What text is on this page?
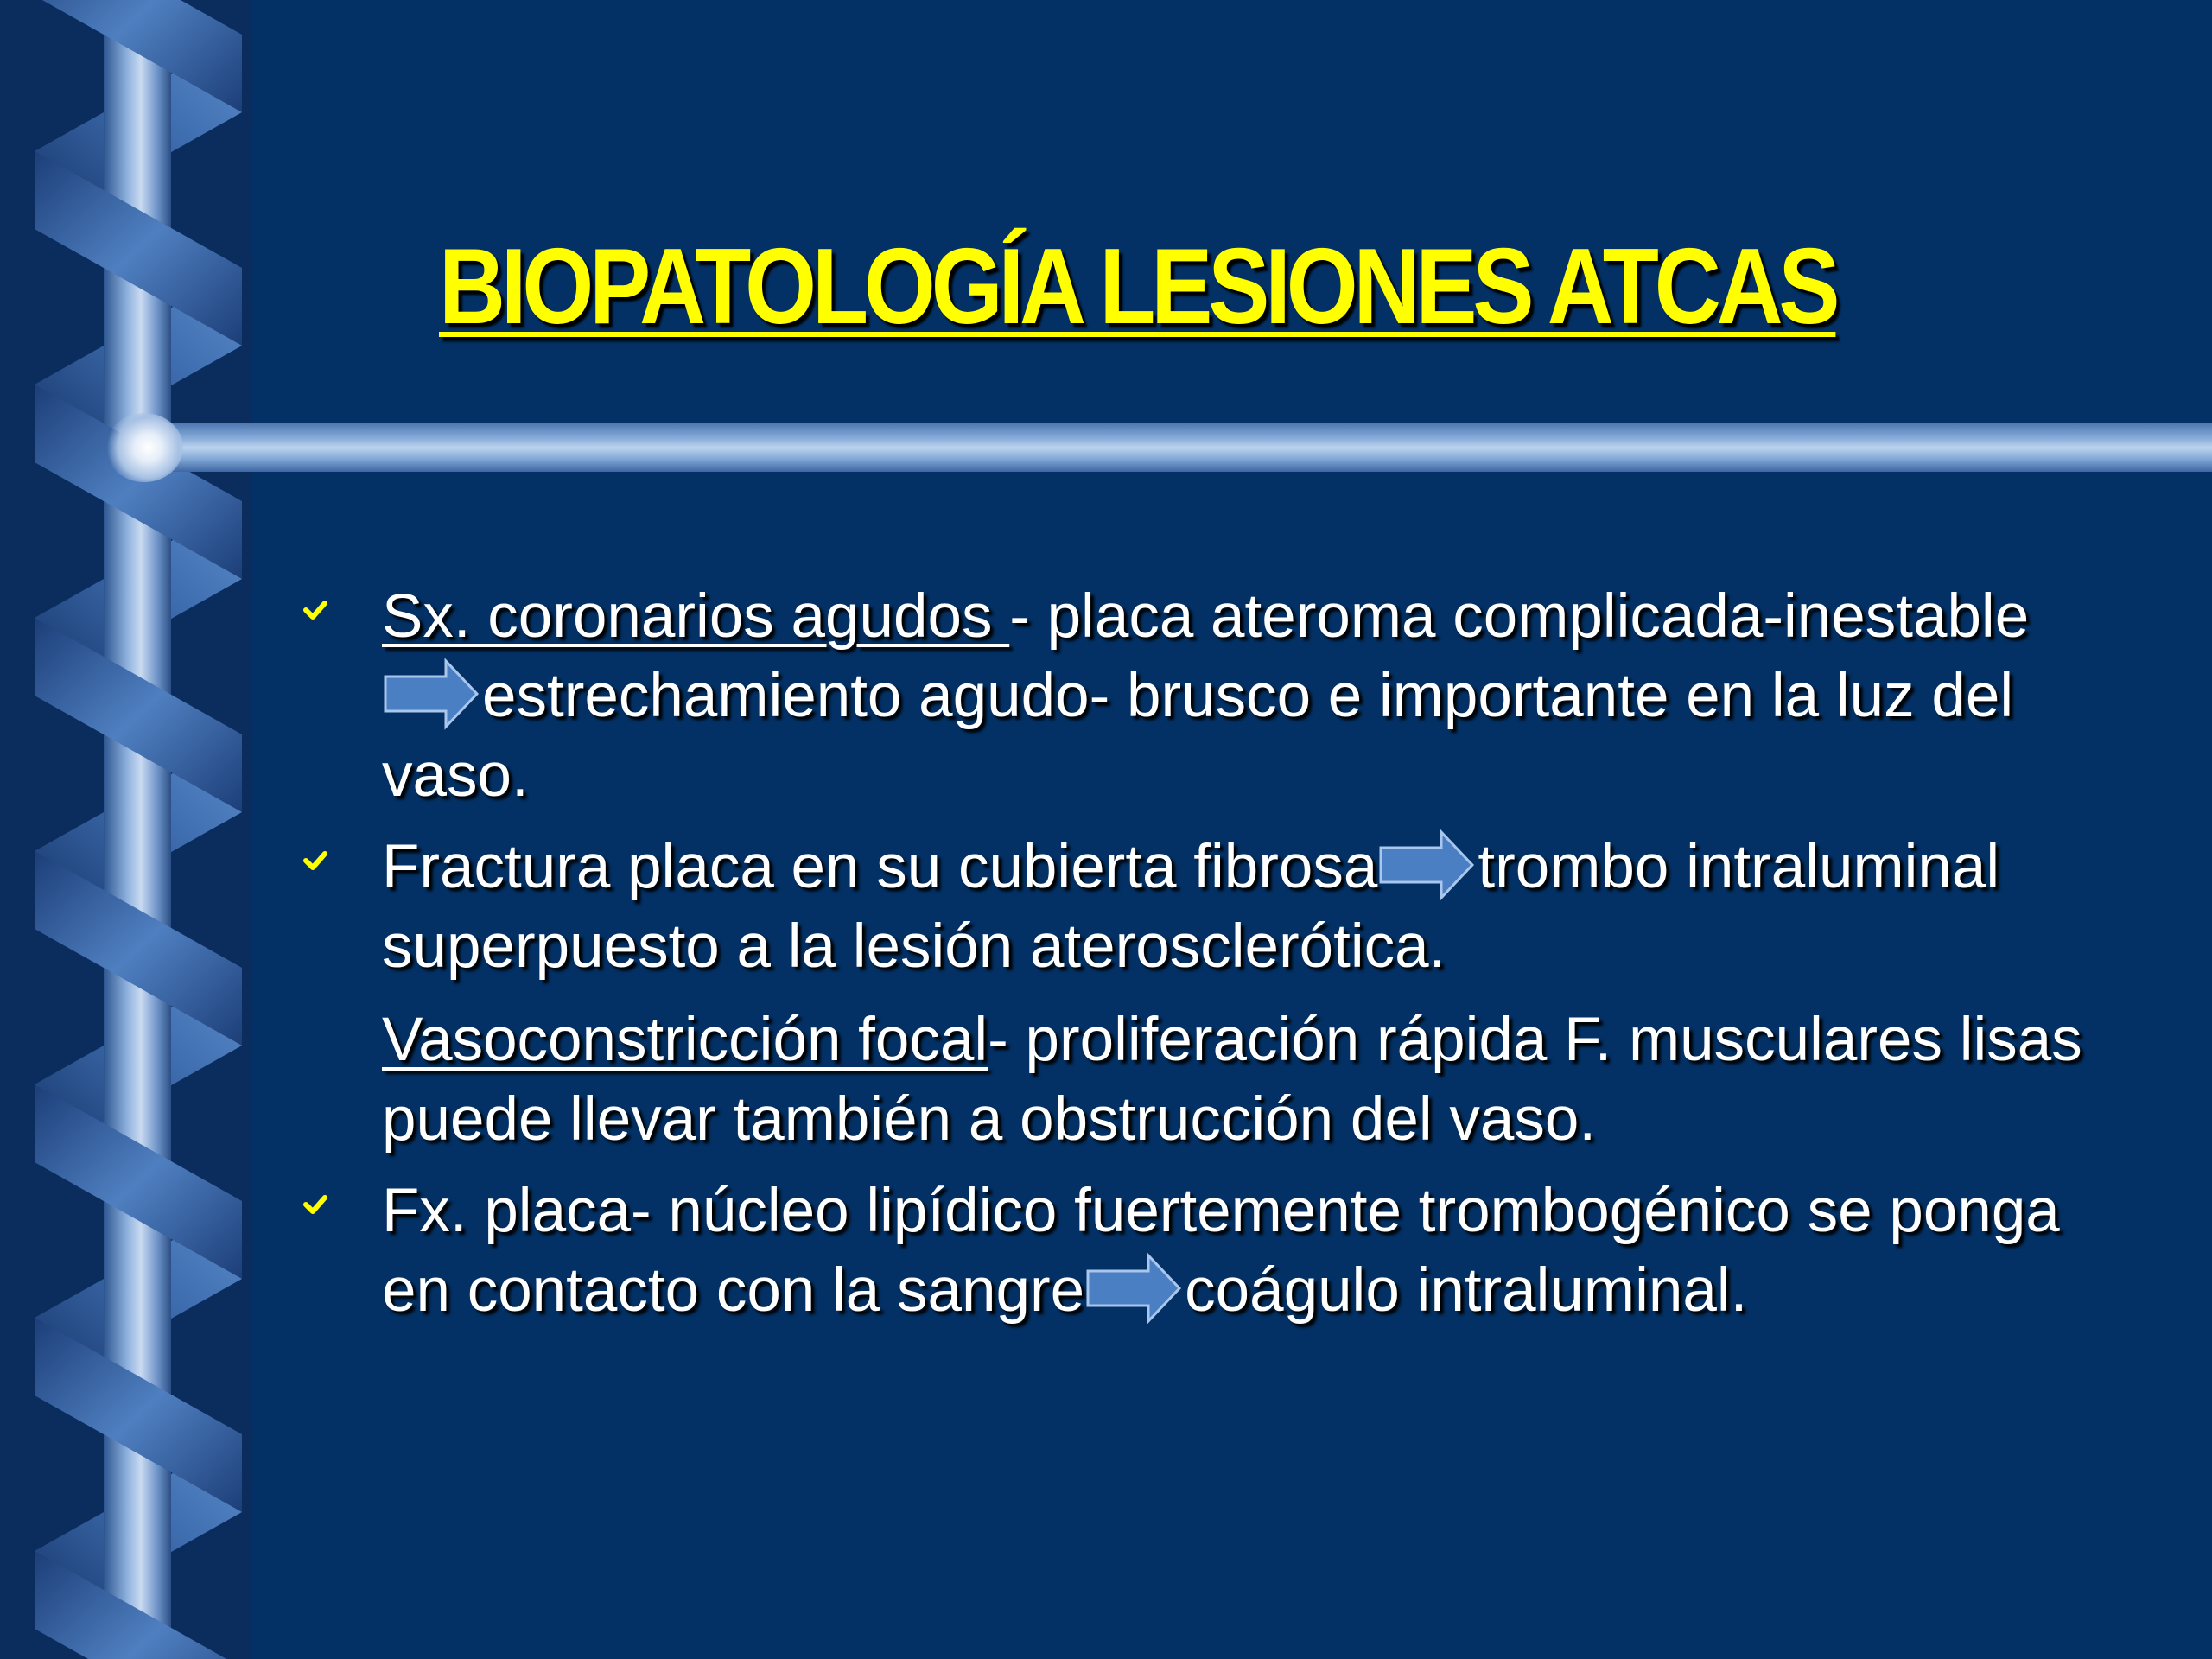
BIOPATOLOGÍA LESIONES ATCAS
Sx. coronarios agudos - placa ateroma complicada-inestableestrechamiento agudo- brusco e importante en la luz del vaso.
Fractura placa en su cubierta fibrosa trombo intraluminal superpuesto a la lesión aterosclerótica.
Vasoconstricción focal- proliferación rápida F. musculares lisas puede llevar también a obstrucción del vaso.
Fx. placa- núcleo lipídico fuertemente trombogénico se ponga en contacto con la sangre coágulo intraluminal.
